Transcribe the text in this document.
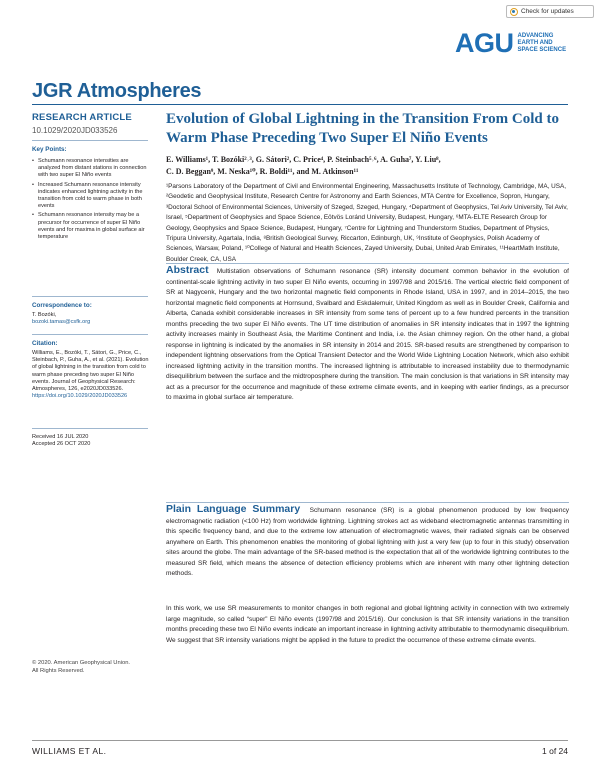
Check for updates
AGU ADVANCING
EARTH AND
SPACE SCIENCE
JGR Atmospheres
RESEARCH ARTICLE
10.1029/2020JD033526
Key Points:
• Schumann resonance intensities are analyzed from distant stations in connection with two super El Niño events
• Increased Schumann resonance intensity indicates enhanced lightning activity in the transition from cold to warm phase in both events
• Schumann resonance intensity may be a precursor for occurrence of super El Niño events and for maxima in global surface air temperature
Correspondence to:
T. Bozóki,
bozoki.tamas@csfk.org
Citation:
Williams, E., Bozóki, T., Sátori, G., Price, C., Steinbach, P., Guha, A., et al. (2021). Evolution of global lightning in the transition from cold to warm phase preceding two super El Niño events. Journal of Geophysical Research: Atmospheres, 126, e2020JD033526.
https://doi.org/10.1029/2020JD033526
Received 16 JUL 2020
Accepted 26 OCT 2020
© 2020. American Geophysical Union.
All Rights Reserved.
Evolution of Global Lightning in the Transition From Cold to Warm Phase Preceding Two Super El Niño Events
E. Williams¹, T. Bozóki²˒³, G. Sátori², C. Price⁴, P. Steinbach⁵˒⁶, A. Guha⁷, Y. Liu⁸,
C. D. Beggan⁹, M. Neska¹⁰, R. Boldi¹¹, and M. Atkinson¹¹
¹Parsons Laboratory of the Department of Civil and Environmental Engineering, Massachusetts Institute of Technology, Cambridge, MA, USA, ²Geodetic and Geophysical Institute, Research Centre for Astronomy and Earth Sciences, MTA Centre for Excellence, Sopron, Hungary, ³Doctoral School of Environmental Sciences, University of Szeged, Szeged, Hungary, ⁴Department of Geophysics, Tel Aviv University, Tel Aviv, Israel, ⁵Department of Geophysics and Space Science, Eötvös Loránd University, Budapest, Hungary, ⁶MTA-ELTE Research Group for Geology, Geophysics and Space Science, Budapest, Hungary, ⁷Centre for Lightning and Thunderstorm Studies, Department of Physics, Tripura University, Agartala, India, ⁸British Geological Survey, Riccarton, Edinburgh, UK, ⁹Institute of Geophysics, Polish Academy of Sciences, Warsaw, Poland, ¹⁰College of Natural and Health Sciences, Zayed University, Dubai, United Arab Emirates, ¹¹HeartMath Institute, Boulder Creek, CA, USA
Abstract Multistation observations of Schumann resonance (SR) intensity document common behavior in the evolution of continental-scale lightning activity in two super El Niño events, occurring in 1997/98 and 2015/16. The vertical electric field component of SR at Nagycenk, Hungary and the two horizontal magnetic field components in Rhode Island, USA in 1997, and in 2014–2015, the two horizontal magnetic field components at Hornsund, Svalbard and Eskdalemuir, United Kingdom as well as in Boulder Creek, California and Alberta, Canada exhibit considerable increases in SR intensity from some tens of percent up to a few hundred percents in the transition months preceding the two super El Niño events. The UT time distribution of anomalies in SR intensity indicates that in 1997 the lightning activity increases mainly in Southeast Asia, the Maritime Continent and India, i.e. the Asian chimney region. On the other hand, a global response in lightning is indicated by the anomalies in SR intensity in 2014 and 2015. SR-based results are strengthened by comparison to independent lightning observations from the Optical Transient Detector and the World Wide Lightning Location Network, which also exhibit increased lightning activity in the transition months. The increased lightning is attributable to increased instability due to thermodynamic disequilibrium between the surface and the midtroposphere during the transition. The main conclusion is that variations in SR intensity may act as a precursor for the occurrence and magnitude of these extreme climate events, and in keeping with earlier findings, as a precursor to maxima in global surface air temperature.
Plain Language Summary Schumann resonance (SR) is a global phenomenon produced by low frequency electromagnetic radiation (<100 Hz) from worldwide lightning. Lightning strokes act as wideband electromagnetic antennas transmitting in this specific frequency band, and due to the extreme low attenuation of electromagnetic waves, their radiated signals can be observed anywhere on Earth. This phenomenon enables the monitoring of global lightning with just a very few (up to four in this study) observation sites around the globe. The main advantage of the SR-based method is the expectation that all of the worldwide lightning contributes to the measured SR field, which means the absence of detection efficiency problems which are inherent with many other lightning detection methods.
In this work, we use SR measurements to monitor changes in both regional and global lightning activity in connection with two extremely large magnitude, so called “super” El Niño events (1997/98 and 2015/16). Our conclusion is that SR intensity variations in the transition months preceding these two El Niño events indicate an important increase in lightning activity attributable to thermodynamic disequilibrium. We suggest that SR intensity variations might be applied in the future to predict the occurrence of these extreme climate events.
WILLIAMS ET AL.	1 of 24
